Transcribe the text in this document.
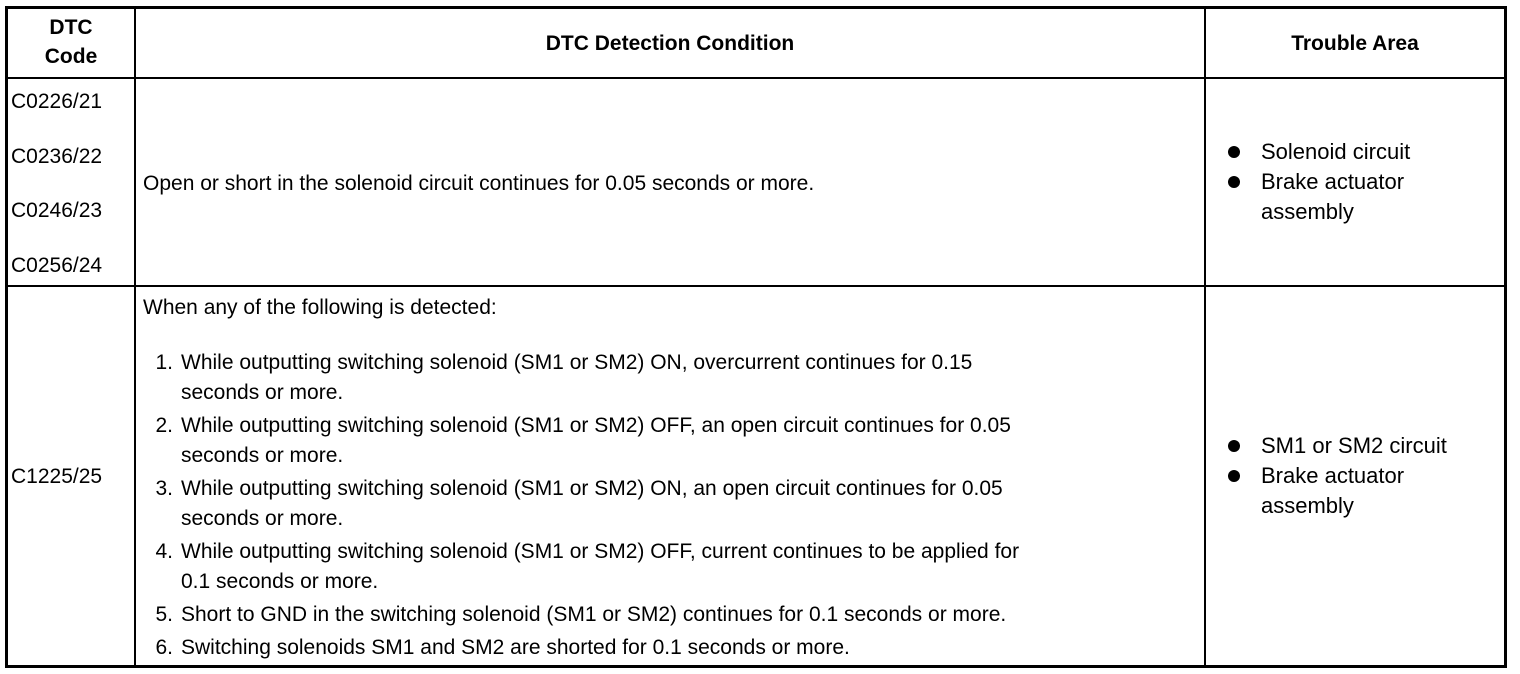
DTC
Code
DTC Detection Condition	Trouble Area
C0226/21
C0236/22
C0246/23
C0256/24
Open or short in the solenoid circuit continues for 0.05 seconds or more.
Solenoid circuit
Brake actuator assembly
C1225/25
When any of the following is detected:
1. While outputting switching solenoid (SM1 or SM2) ON, overcurrent continues for 0.15
seconds or more.
2. While outputting switching solenoid (SM1 or SM2) OFF, an open circuit continues for 0.05
seconds or more.
3. While outputting switching solenoid (SM1 or SM2) ON, an open circuit continues for 0.05
seconds or more.
4. While outputting switching solenoid (SM1 or SM2) OFF, current continues to be applied for
0.1 seconds or more.
5. Short to GND in the switching solenoid (SM1 or SM2) continues for 0.1 seconds or more.
6. Switching solenoids SM1 and SM2 are shorted for 0.1 seconds or more.
SM1 or SM2 circuit
Brake actuator assembly
